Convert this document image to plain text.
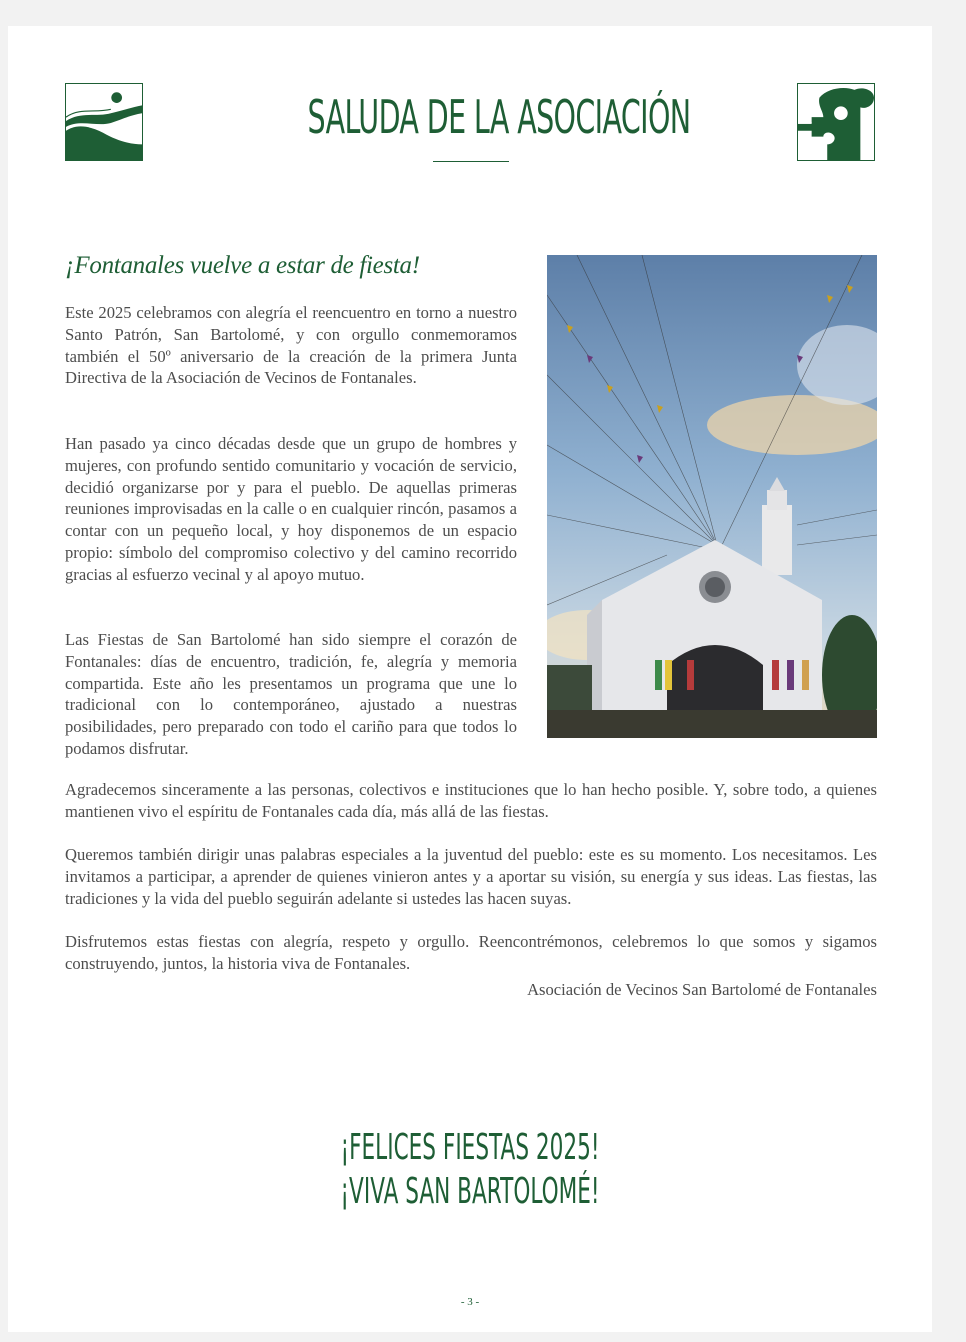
SALUDA DE LA ASOCIACIÓN
¡Fontanales vuelve a estar de fiesta!

Este 2025 celebramos con alegría el reencuentro en torno a nuestro Santo Patrón, San Bartolomé, y con orgullo conmemoramos también el 50º aniversario de la creación de la primera Junta Directiva de la Asociación de Vecinos de Fontanales.

Han pasado ya cinco décadas desde que un grupo de hombres y mujeres, con profundo sentido comunitario y vocación de servicio, decidió organizarse por y para el pueblo. De aquellas primeras reuniones improvisadas en la calle o en cualquier rincón, pasamos a contar con un pequeño local, y hoy disponemos de un espacio propio: símbolo del compromiso colectivo y del camino recorrido gracias al esfuerzo vecinal y al apoyo mutuo.

Las Fiestas de San Bartolomé han sido siempre el corazón de Fontanales: días de encuentro, tradición, fe, alegría y memoria compartida. Este año les presentamos un programa que une lo tradicional con lo contemporáneo, ajustado a nuestras posibilidades, pero preparado con todo el cariño para que todos lo podamos disfrutar.

Agradecemos sinceramente a las personas, colectivos e instituciones que lo han hecho posible. Y, sobre todo, a quienes mantienen vivo el espíritu de Fontanales cada día, más allá de las fiestas.

Queremos también dirigir unas palabras especiales a la juventud del pueblo: este es su momento. Los necesitamos. Les invitamos a participar, a aprender de quienes vinieron antes y a aportar su visión, su energía y sus ideas. Las fiestas, las tradiciones y la vida del pueblo seguirán adelante si ustedes las hacen suyas.

Disfrutemos estas fiestas con alegría, respeto y orgullo. Reencontrémonos, celebremos lo que somos y sigamos construyendo, juntos, la historia viva de Fontanales.

Asociación de Vecinos San Bartolomé de Fontanales
¡FELICES FIESTAS 2025!
¡VIVA SAN BARTOLOMÉ!
- 3 -
